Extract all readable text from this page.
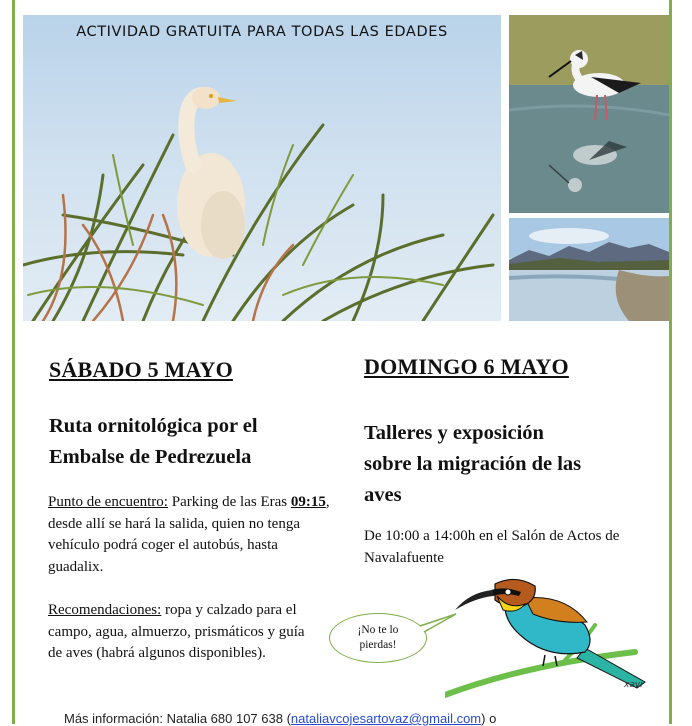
ACTIVIDAD GRATUITA PARA TODAS LAS EDADES
SÁBADO 5 MAYO
Ruta ornitológica por el
Embalse de Pedrezuela
Punto de encuentro: Parking de las Eras 09:15, desde allí se hará la salida, quien no tenga vehículo podrá coger el autobús, hasta guadalix.
Recomendaciones: ropa y calzado para el campo, agua, almuerzo, prismáticos y guía de aves (habrá algunos disponibles).
DOMINGO 6 MAYO
Talleres y exposición
sobre la migración de las
aves
De 10:00 a 14:00h en el Salón de Actos de Navalafuente
¡No te lo
pierdas!
xavi
Más información: Natalia 680 107 638 (nataliavcojesartovaz@gmail.com) o
